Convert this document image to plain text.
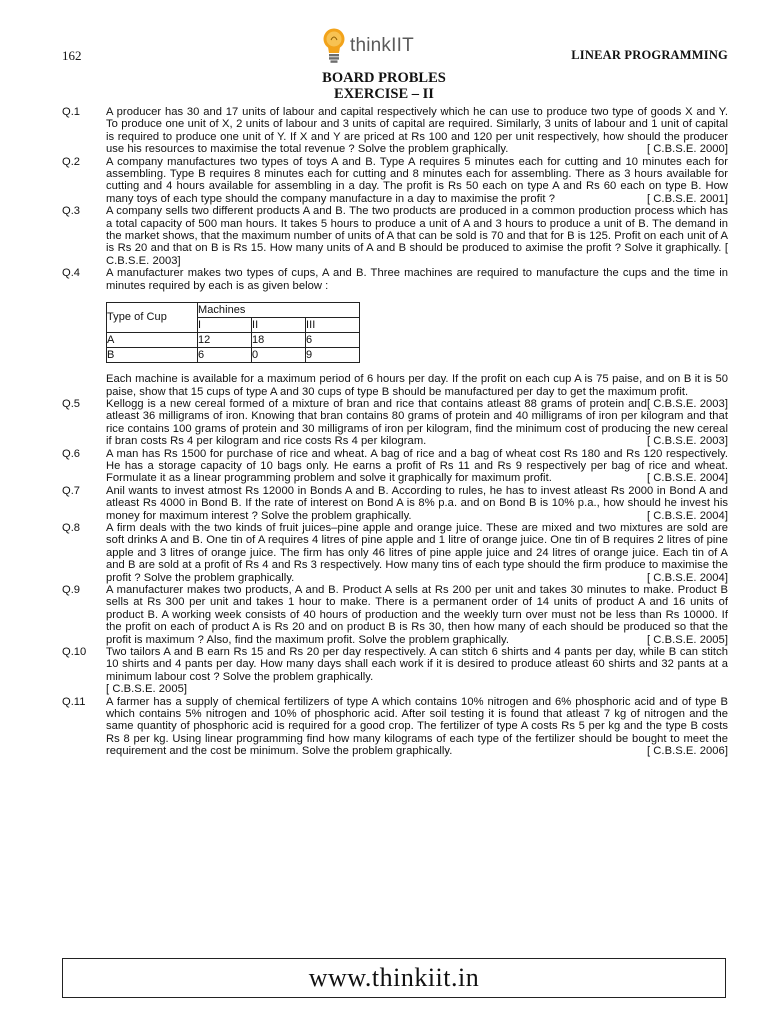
162	thinkIIT	LINEAR PROGRAMMING
BOARD PROBLES
EXERCISE – II
Q.1	A producer has 30 and 17 units of labour and capital respectively which he can use to produce two type of goods X and Y. To produce one unit of X, 2 units of labour and 3 units of capital are required. Similarly, 3 units of labour and 1 unit of capital is required to produce one unit of Y. If X and Y are priced at Rs 100 and 120 per unit respectively, how should the producer use his resources to maximise the total revenue ? Solve the problem graphically.	[ C.B.S.E. 2000]

Q.2	A company manufactures two types of toys A and B. Type A requires 5 minutes each for cutting and 10 minutes each for assembling. Type B requires 8 minutes each for cutting and 8 minutes each for assembling. There as 3 hours available for cutting and 4 hours available for assembling in a day. The profit is Rs 50 each on type A and Rs 60 each on type B. How many toys of each type should the company manufacture in a day to maximise the profit ?	[ C.B.S.E. 2001]

Q.3	A company sells two different products A and B. The two products are produced in a common production process which has a total capacity of 500 man hours. It takes 5 hours to produce a unit of A and 3 hours to produce a unit of B. The demand in the market shows, that the maximum number of units of A that can be sold is 70 and that for B is 125. Profit on each unit of A is Rs 20 and that on B is Rs 15. How many units of A and B should be produced to aximise the profit ? Solve it graphically. [ C.B.S.E. 2003]

Q.4	A manufacturer makes two types of cups, A and B. Three machines are required to manufacture the cups and the time in minutes required by each is as given below :

Type of Cup	Machines		
	I	II	III
A	12	18	6
B	6	0	9

Each machine is available for a maximum period of 6 hours per day. If the profit on each cup A is 75 paise, and on B it is 50 paise, show that 15 cups of type A and 30 cups of type B should be manufactured per day to get the maximum profit.
[ C.B.S.E. 2003]

Q.5	Kellogg is a new cereal formed of a mixture of bran and rice that contains atleast 88 grams of protein and atleast 36 milligrams of iron. Knowing that bran contains 80 grams of protein and 40 milligrams of iron per kilogram and that rice contains 100 grams of protein and 30 milligrams of iron per kilogram, find the minimum cost of producing the new cereal if bran costs Rs 4 per kilogram and rice costs Rs 4 per kilogram.	[ C.B.S.E. 2003]

Q.6	A man has Rs 1500 for purchase of rice and wheat. A bag of rice and a bag of wheat cost Rs 180 and Rs 120 respectively. He has a storage capacity of 10 bags only. He earns a profit of Rs 11 and Rs 9 respectively per bag of rice and wheat. Formulate it as a linear programming problem and solve it graphically for maximum profit.	[ C.B.S.E. 2004]

Q.7	Anil wants to invest atmost Rs 12000 in Bonds A and B. According to rules, he has to invest atleast Rs 2000 in Bond A and atleast Rs 4000 in Bond B. If the rate of interest on Bond A is 8% p.a. and on Bond B is 10% p.a., how should he invest his money for maximum interest ? Solve the problem graphically.	[ C.B.S.E. 2004]

Q.8	A firm deals with the two kinds of fruit juices–pine apple and orange juice. These are mixed and two mixtures are sold are soft drinks A and B. One tin of A requires 4 litres of pine apple and 1 litre of orange juice. One tin of B requires 2 litres of pine apple and 3 litres of orange juice. The firm has only 46 litres of pine apple juice and 24 litres of orange juice. Each tin of A and B are sold at a profit of Rs 4 and Rs 3 respectively. How many tins of each type should the firm produce to maximise the profit ? Solve the problem graphically.	[ C.B.S.E. 2004]

Q.9	A manufacturer makes two products, A and B. Product A sells at Rs 200 per unit and takes 30 minutes to make. Product B sells at Rs 300 per unit and takes 1 hour to make. There is a permanent order of 14 units of product A and 16 units of product B. A working week consists of 40 hours of production and the weekly turn over must not be less than Rs 10000. If the profit on each of product A is Rs 20 and on product B is Rs 30, then how many of each should be produced so that the profit is maximum ? Also, find the maximum profit. Solve the problem graphically.	[ C.B.S.E. 2005]

Q.10	Two tailors A and B earn Rs 15 and Rs 20 per day respectively. A can stitch 6 shirts and 4 pants per day, while B can stitch 10 shirts and 4 pants per day. How many days shall each work if it is desired to produce atleast 60 shirts and 32 pants at a minimum labour cost ? Solve the problem graphically.

[ C.B.S.E. 2005]

Q.11	A farmer has a supply of chemical fertilizers of type A which contains 10% nitrogen and 6% phosphoric acid and of type B which contains 5% nitrogen and 10% of phosphoric acid. After soil testing it is found that atleast 7 kg of nitrogen and the same quantity of phosphoric acid is required for a good crop. The fertilizer of type A costs Rs 5 per kg and the type B costs Rs 8 per kg. Using linear programming find how many kilograms of each type of the fertilizer should be bought to meet the requirement and the cost be minimum. Solve the problem graphically.	[ C.B.S.E. 2006]

www.thinkiit.in
